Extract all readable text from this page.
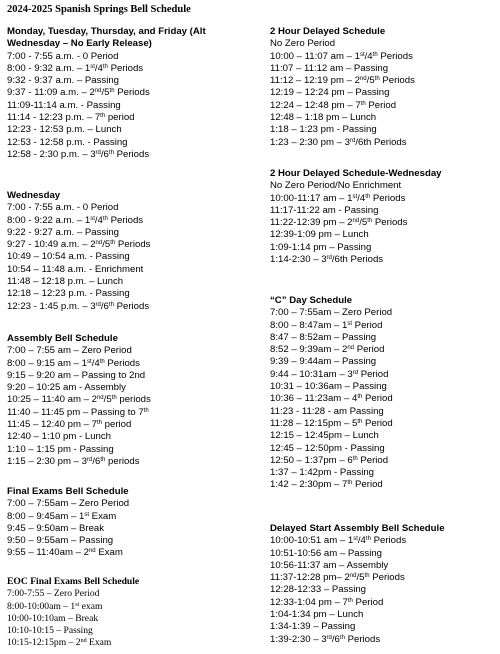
2024-2025 Spanish Springs Bell Schedule
Monday, Tuesday, Thursday, and Friday (Alt
Wednesday – No Early Release)
7:00 - 7:55 a.m. - 0 Period
8:00 - 9:32 a.m. – 1st/4th Periods
9:32 - 9:37 a.m. – Passing
9:37 - 11:09 a.m. – 2nd/5th Periods
11:09-11:14 a.m. - Passing
11:14 - 12:23 p.m. – 7th period
12:23 - 12:53 p.m. – Lunch
12:53 - 12:58 p.m. - Passing
12:58 - 2:30 p.m. – 3rd/6th Periods
Wednesday
7:00 - 7:55 a.m. - 0 Period
8:00 - 9:22 a.m. – 1st/4th Periods
9:22 - 9:27 a.m. – Passing
9:27 - 10:49 a.m. – 2nd/5th Periods
10:49 – 10:54 a.m. - Passing
10:54 – 11:48 a.m. - Enrichment
11:48 – 12:18 p.m. – Lunch
12:18 – 12:23 p.m. - Passing
12:23 - 1:45 p.m. – 3rd/6th Periods
Assembly Bell Schedule
7:00 – 7:55 am – Zero Period
8:00 – 9:15 am – 1st/4th Periods
9:15 – 9:20 am – Passing to 2nd
9:20 – 10:25 am - Assembly
10:25 – 11:40 am – 2nd/5th periods
11:40 – 11:45 pm – Passing to 7th
11:45 – 12:40 pm – 7th period
12:40 – 1:10 pm - Lunch
1:10 – 1:15 pm - Passing
1:15 – 2:30 pm – 3rd/6th periods
Final Exams Bell Schedule
7:00 – 7:55am – Zero Period
8:00 – 9:45am – 1st Exam
9:45 – 9:50am – Break
9:50 – 9:55am – Passing
9:55 – 11:40am – 2nd Exam
EOC Final Exams Bell Schedule
7:00-7:55 – Zero Period
8:00-10:00am – 1st exam
10:00-10:10am – Break
10:10-10:15 – Passing
10:15-12:15pm – 2nd Exam
2 Hour Delayed Schedule
No Zero Period
10:00 – 11:07 am – 1st/4th Periods
11:07 – 11:12 am – Passing
11:12 – 12:19 pm – 2nd/5th Periods
12:19 – 12:24 pm – Passing
12:24 – 12:48 pm – 7th Period
12:48 – 1:18 pm – Lunch
1:18 – 1:23 pm - Passing
1:23 – 2:30 pm – 3rd/6th Periods
2 Hour Delayed Schedule-Wednesday
No Zero Period/No Enrichment
10:00-11:17 am – 1st/4th Periods
11:17-11:22 am - Passing
11:22-12:39 pm – 2nd/5th Periods
12:39-1:09 pm – Lunch
1:09-1:14 pm – Passing
1:14-2:30 – 3rd/6th Periods
“C” Day Schedule
7:00 – 7:55am – Zero Period
8:00 – 8:47am – 1st Period
8:47 – 8:52am – Passing
8:52 – 9:39am – 2nd Period
9:39 – 9:44am – Passing
9:44 – 10:31am – 3rd Period
10:31 – 10:36am – Passing
10:36 – 11:23am – 4th Period
11:23 - 11:28 - am Passing
11:28 – 12:15pm – 5th Period
12:15 – 12:45pm – Lunch
12:45 – 12:50pm - Passing
12:50 – 1:37pm – 6th Period
1:37 – 1:42pm - Passing
1:42 – 2:30pm – 7th Period
Delayed Start Assembly Bell Schedule
10:00-10:51 am – 1st/4th Periods
10:51-10:56 am – Passing
10:56-11:37 am – Assembly
11:37-12:28 pm– 2nd/5th Periods
12:28-12:33 – Passing
12:33-1:04 pm – 7th Period
1:04-1:34 pm – Lunch
1:34-1:39 – Passing
1:39-2:30 – 3rd/6th Periods
